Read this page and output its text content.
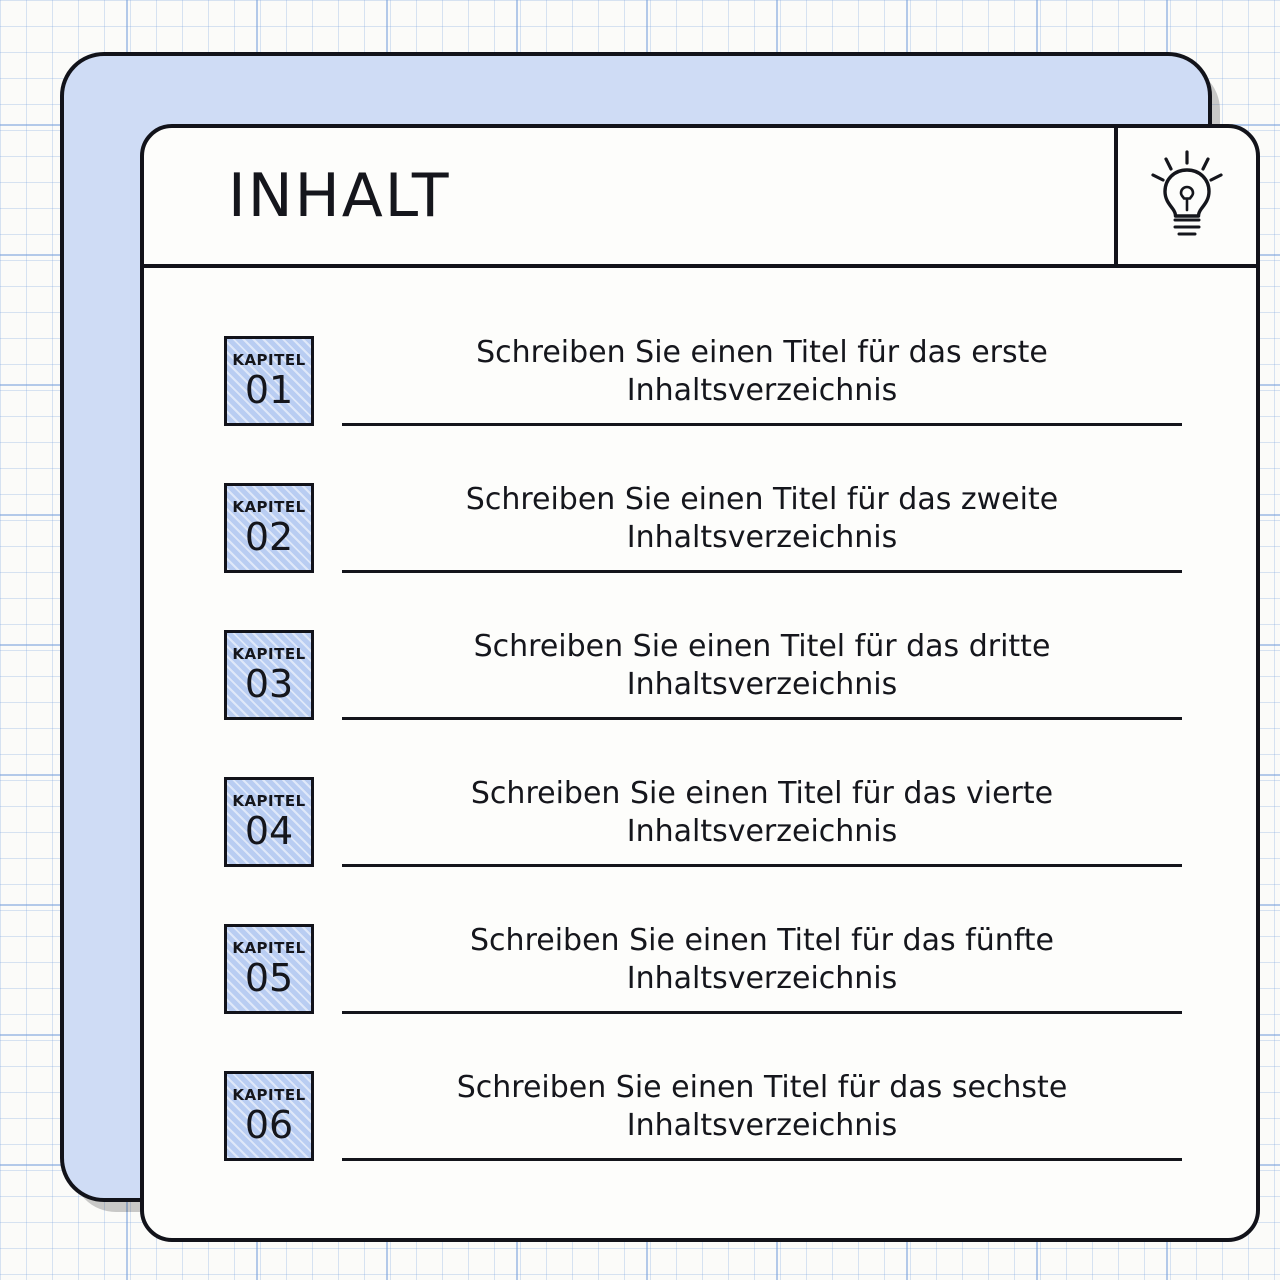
INHALT
KAPITEL
01
Schreiben Sie einen Titel für das erste Inhaltsverzeichnis
KAPITEL
02
Schreiben Sie einen Titel für das zweite Inhaltsverzeichnis
KAPITEL
03
Schreiben Sie einen Titel für das dritte Inhaltsverzeichnis
KAPITEL
04
Schreiben Sie einen Titel für das vierte Inhaltsverzeichnis
KAPITEL
05
Schreiben Sie einen Titel für das fünfte Inhaltsverzeichnis
KAPITEL
06
Schreiben Sie einen Titel für das sechste Inhaltsverzeichnis
